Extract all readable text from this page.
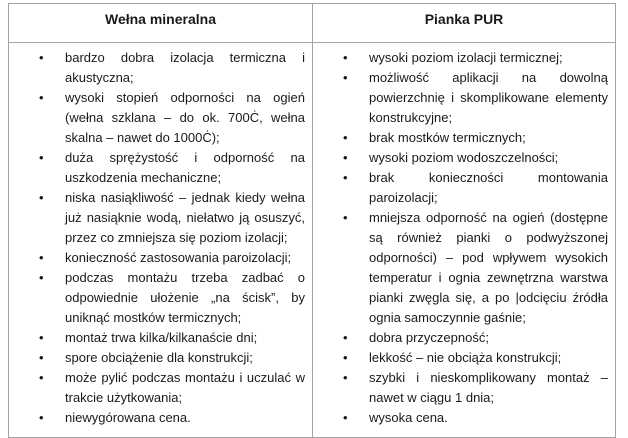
Wełna mineralna
•
bardzo dobra izolacja termiczna i akustyczna;
•
wysoki stopień odporności na ogień (wełna szklana – do ok. 700Ċ, wełna skalna – nawet do 1000Ċ);
•
duża sprężystość i odporność na uszkodzenia mechaniczne;
•
niska nasiąkliwość – jednak kiedy wełna już nasiąknie wodą, niełatwo ją osuszyć, przez co zmniejsza się poziom izolacji;
•
konieczność zastosowania paroizolacji;
•
podczas montażu trzeba zadbać o odpowiednie ułożenie „na ścisk”, by uniknąć mostków termicznych;
•
montaż trwa kilka/kilkanaście dni;
•
spore obciążenie dla konstrukcji;
•
może pylić podczas montażu i uczulać w trakcie użytkowania;
•
niewygórowana cena.
Pianka PUR
•
wysoki poziom izolacji termicznej;
•
możliwość aplikacji na dowolną powierzchnię i skomplikowane elementy konstrukcyjne;
•
brak mostków termicznych;
•
wysoki poziom wodoszczelności;
•
brak konieczności montowania paroizolacji;
•
mniejsza odporność na ogień (dostępne są również pianki o podwyższonej odporności) – pod wpływem wysokich temperatur i ognia zewnętrzna warstwa pianki zwęgla się, a po |odcięciu źródła ognia samoczynnie gaśnie;
•
dobra przyczepność;
•
lekkość – nie obciąża konstrukcji;
•
szybki i nieskomplikowany montaż – nawet w ciągu 1 dnia;
•
wysoka cena.
